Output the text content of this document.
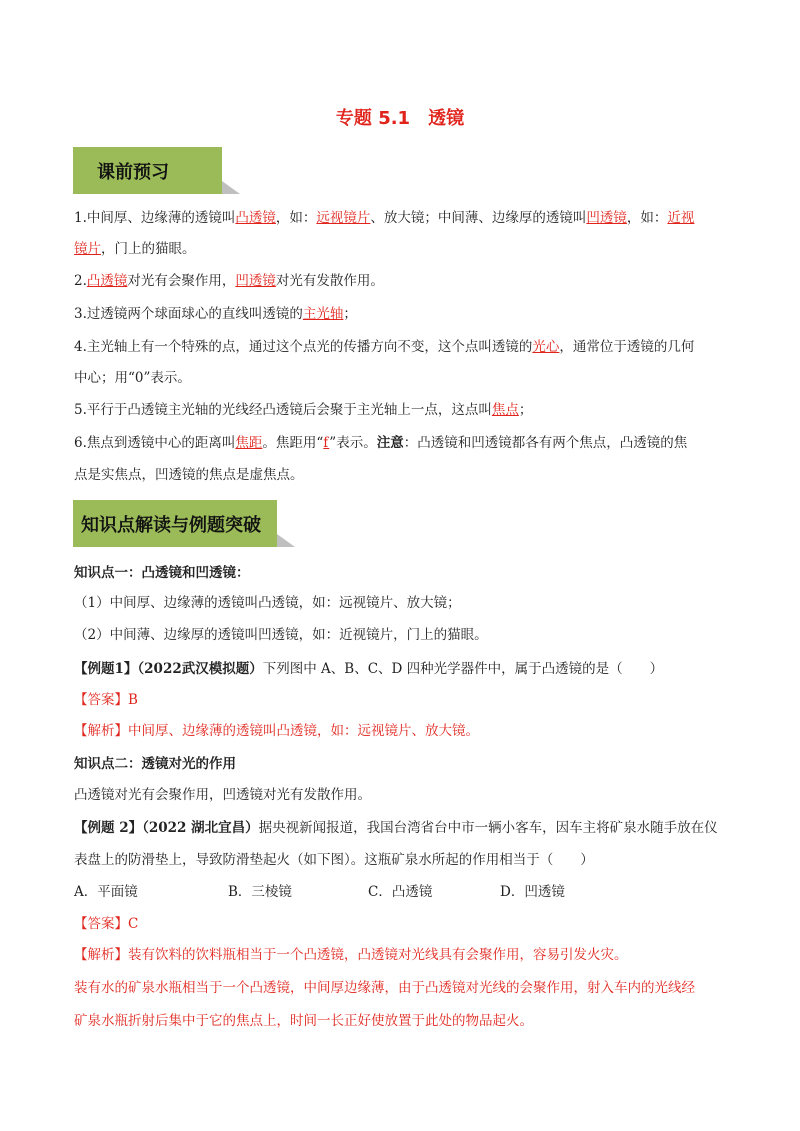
专题 5.1　透镜
课前预习
1.中间厚、边缘薄的透镜叫凸透镜，如：远视镜片、放大镜；中间薄、边缘厚的透镜叫凹透镜，如：近视
镜片，门上的猫眼。
2.凸透镜对光有会聚作用，凹透镜对光有发散作用。
3.过透镜两个球面球心的直线叫透镜的主光轴；
4.主光轴上有一个特殊的点，通过这个点光的传播方向不变，这个点叫透镜的光心，通常位于透镜的几何
中心；用“0”表示。
5.平行于凸透镜主光轴的光线经凸透镜后会聚于主光轴上一点，这点叫焦点；
6.焦点到透镜中心的距离叫焦距。焦距用“f”表示。注意：凸透镜和凹透镜都各有两个焦点，凸透镜的焦
点是实焦点，凹透镜的焦点是虚焦点。
知识点解读与例题突破
知识点一：凸透镜和凹透镜：
（1）中间厚、边缘薄的透镜叫凸透镜，如：远视镜片、放大镜；
（2）中间薄、边缘厚的透镜叫凹透镜，如：近视镜片，门上的猫眼。
【例题1】（2022武汉模拟题）下列图中 A、B、C、D 四种光学器件中，属于凸透镜的是（　　）
【答案】B
【解析】中间厚、边缘薄的透镜叫凸透镜，如：远视镜片、放大镜。
知识点二：透镜对光的作用
凸透镜对光有会聚作用，凹透镜对光有发散作用。
【例题 2】（2022 湖北宜昌）据央视新闻报道，我国台湾省台中市一辆小客车，因车主将矿泉水随手放在仪
表盘上的防滑垫上，导致防滑垫起火（如下图）。这瓶矿泉水所起的作用相当于（　　）
A．平面镜	B．三棱镜	C．凸透镜	D．凹透镜
【答案】C
【解析】装有饮料的饮料瓶相当于一个凸透镜，凸透镜对光线具有会聚作用，容易引发火灾。
装有水的矿泉水瓶相当于一个凸透镜，中间厚边缘薄，由于凸透镜对光线的会聚作用，射入车内的光线经
矿泉水瓶折射后集中于它的焦点上，时间一长正好使放置于此处的物品起火。
